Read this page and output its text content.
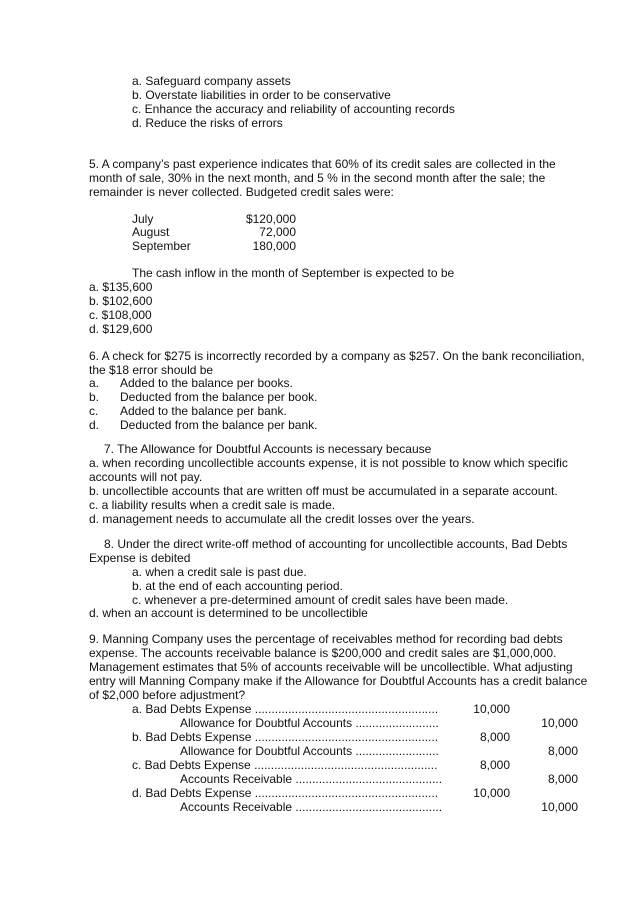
a. Safeguard company assets
b. Overstate liabilities in order to be conservative
c. Enhance the accuracy and reliability of accounting records
d. Reduce the risks of errors
5. A company’s past experience indicates that 60% of its credit sales are collected in the
month of sale, 30% in the next month, and 5 % in the second month after the sale; the
remainder is never collected. Budgeted credit sales were:
July	$120,000
August	72,000
September	180,000
The cash inflow in the month of September is expected to be
a. $135,600
b. $102,600
c. $108,000
d. $129,600
6. A check for $275 is incorrectly recorded by a company as $257. On the bank reconciliation,
the $18 error should be
a. Added to the balance per books.
b. Deducted from the balance per book.
c. Added to the balance per bank.
d. Deducted from the balance per bank.
7. The Allowance for Doubtful Accounts is necessary because
a. when recording uncollectible accounts expense, it is not possible to know which specific
accounts will not pay.
b. uncollectible accounts that are written off must be accumulated in a separate account.
c. a liability results when a credit sale is made.
d. management needs to accumulate all the credit losses over the years.
8. Under the direct write-off method of accounting for uncollectible accounts, Bad Debts
Expense is debited
a. when a credit sale is past due.
b. at the end of each accounting period.
c. whenever a pre-determined amount of credit sales have been made.
d. when an account is determined to be uncollectible
9. Manning Company uses the percentage of receivables method for recording bad debts
expense. The accounts receivable balance is $200,000 and credit sales are $1,000,000.
Management estimates that 5% of accounts receivable will be uncollectible. What adjusting
entry will Manning Company make if the Allowance for Doubtful Accounts has a credit balance
of $2,000 before adjustment?
a. Bad Debts Expense .......................................................	10,000
Allowance for Doubtful Accounts .........................	10,000
b. Bad Debts Expense .......................................................	8,000
Allowance for Doubtful Accounts .........................	8,000
c. Bad Debts Expense .......................................................	8,000
Accounts Receivable ............................................	8,000
d. Bad Debts Expense .......................................................	10,000
Accounts Receivable ............................................	10,000
